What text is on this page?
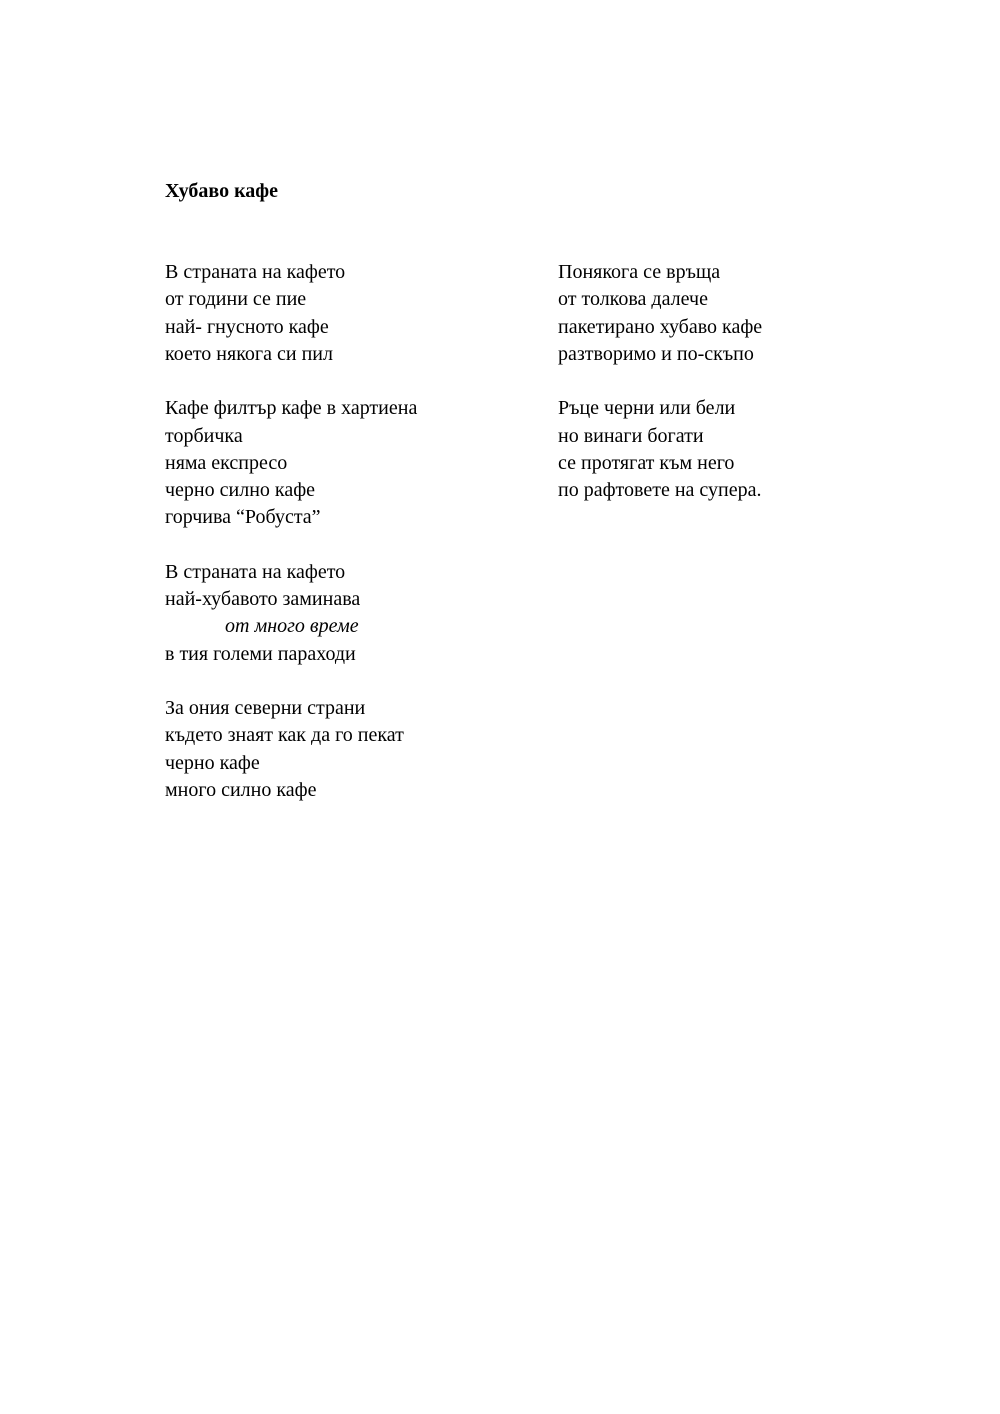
Хубаво кафе
В страната на кафето
от години се пие
най- гнусното кафе
което някога си пил
Кафе филтър кафе в хартиена
торбичка
няма експресо
черно силно кафе
горчива “Робуста”
В страната на кафето
най-хубавото заминава
от много време
в тия големи параходи
За ония северни страни
където знаят как да го пекат
черно кафе
много силно кафе
Понякога се връща
от толкова далече
пакетирано хубаво кафе
разтворимо и по-скъпо
Ръце черни или бели
но винаги богати
се протягат към него
по рафтовете на супера.
